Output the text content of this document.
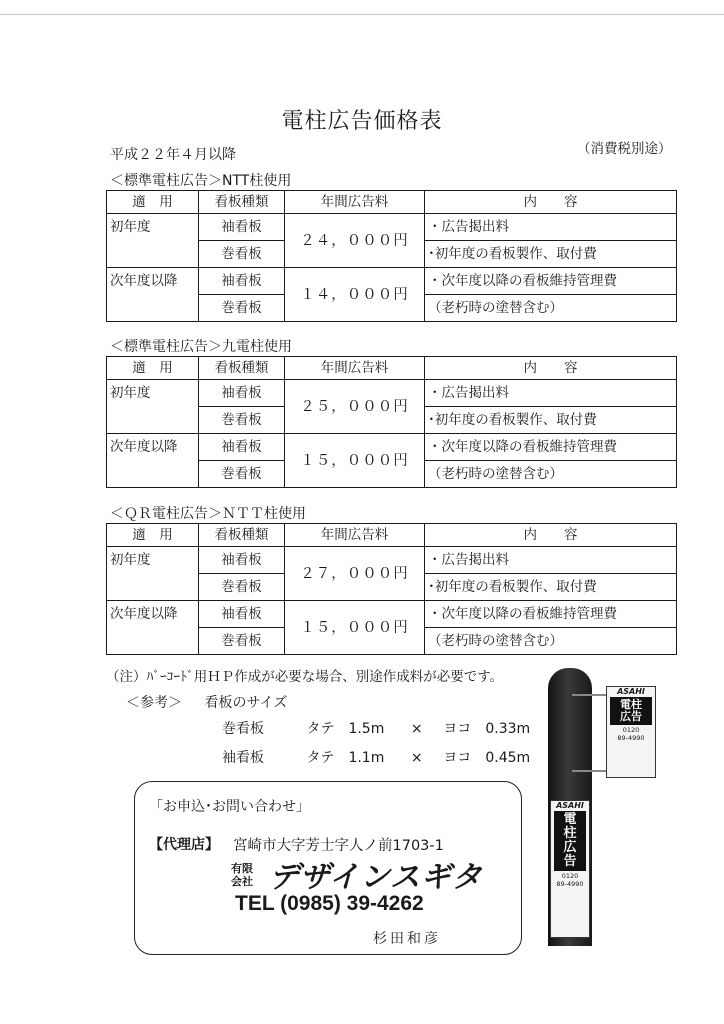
電柱広告価格表
（消費税別途）
平成２２年４月以降
＜標準電柱広告＞NTT柱使用
適　用	看板種類	年間広告料	内　　容
初年度	袖看板	２４，０００円	・広告掲出料
	巻看板		･初年度の看板製作、取付費
次年度以降	袖看板	１４，０００円	・次年度以降の看板維持管理費
	巻看板		（老朽時の塗替含む）
＜標準電柱広告＞九電柱使用
適　用	看板種類	年間広告料	内　　容
初年度	袖看板	２５，０００円	・広告掲出料
	巻看板		･初年度の看板製作、取付費
次年度以降	袖看板	１５，０００円	・次年度以降の看板維持管理費
	巻看板		（老朽時の塗替含む）
＜ＱＲ電柱広告＞ＮＴＴ柱使用
適　用	看板種類	年間広告料	内　　容
初年度	袖看板	２７，０００円	・広告掲出料
	巻看板		･初年度の看板製作、取付費
次年度以降	袖看板	１５，０００円	・次年度以降の看板維持管理費
	巻看板		（老朽時の塗替含む）
（注）ﾊﾞｰｺｰﾄﾞ用ＨＰ作成が必要な場合、別途作成料が必要です。
＜参考＞ 看板のサイズ
巻看板	タテ　1.5m × ヨコ　0.33m
袖看板	タテ　1.1m × ヨコ　0.45m
ASAHI
電柱
広告
0120
89-4990
ASAHI
電
柱
広
告
0120
89-4990
「お申込･お問い合わせ」
【代理店】 宮崎市大字芳士字人ノ前1703-1
有限
会社 デザインスギタ
TEL (0985) 39-4262
杉田和彦
